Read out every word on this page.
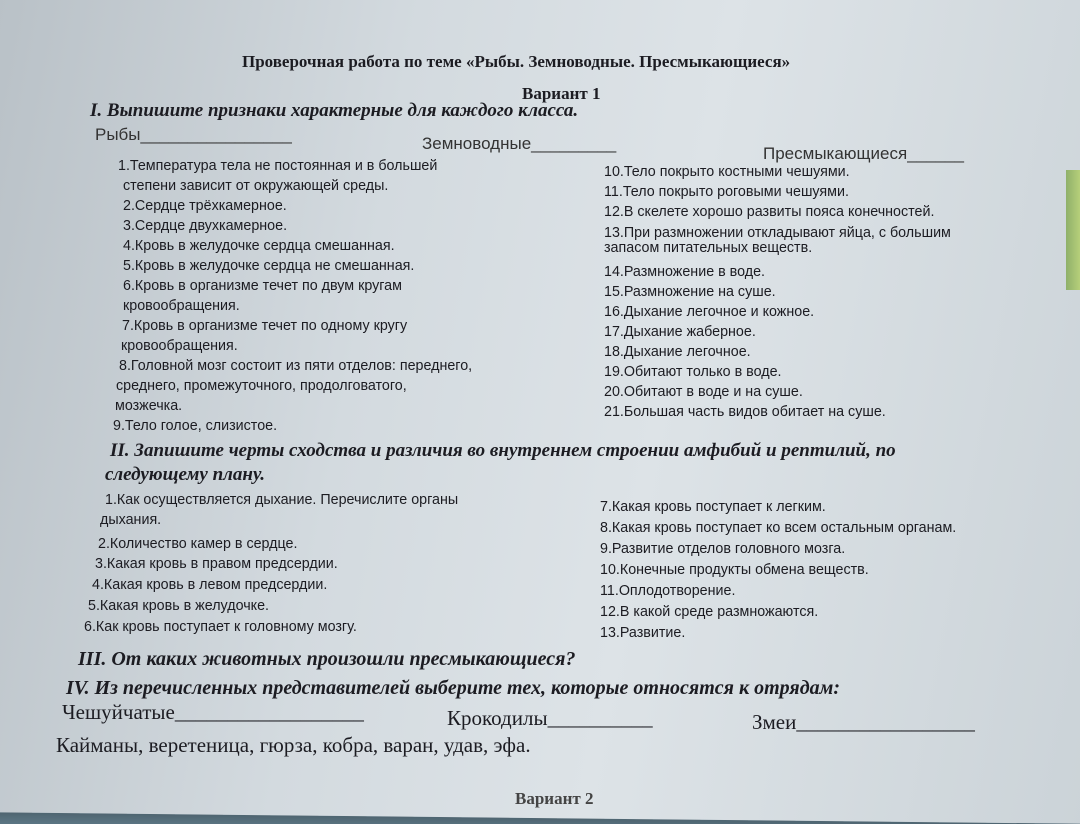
Проверочная работа по теме «Рыбы. Земноводные. Пресмыкающиеся»
Вариант 1
I. Выпишите признаки характерные для каждого класса.
Рыбы________________	Земноводные_________
Пресмыкающиеся______
1.Температура тела не постоянная и в большей
степени зависит от окружающей среды.
2.Сердце трёхкамерное.
3.Сердце двухкамерное.
4.Кровь в желудочке сердца смешанная.
5.Кровь в желудочке сердца не смешанная.
6.Кровь в организме течет по двум кругам
кровообращения.
7.Кровь в организме течет по одному кругу
кровообращения.
8.Головной мозг состоит из пяти отделов: переднего,
среднего, промежуточного, продолговатого,
мозжечка.
9.Тело голое, слизистое.
10.Тело покрыто костными чешуями.
11.Тело покрыто роговыми чешуями.
12.В скелете хорошо развиты пояса конечностей.
13.При размножении откладывают яйца, с большим
запасом питательных веществ.
14.Размножение в воде.
15.Размножение на суше.
16.Дыхание легочное и кожное.
17.Дыхание жаберное.
18.Дыхание легочное.
19.Обитают только в воде.
20.Обитают в воде и на суше.
21.Большая часть видов обитает на суше.
II. Запишите черты сходства и различия во внутреннем строении амфибий и рептилий, по
следующему плану.
1.Как осуществляется дыхание. Перечислите органы
дыхания.
2.Количество камер в сердце.
3.Какая кровь в правом предсердии.
4.Какая кровь в левом предсердии.
5.Какая кровь в желудочке.
6.Как кровь поступает к головному мозгу.
7.Какая кровь поступает к легким.
8.Какая кровь поступает ко всем остальным органам.
9.Развитие отделов головного мозга.
10.Конечные продукты обмена веществ.
11.Оплодотворение.
12.В какой среде размножаются.
13.Развитие.
III. От каких животных произошли пресмыкающиеся?
IV. Из перечисленных представителей выберите тех, которые относятся к отрядам:
Чешуйчатые__________________	Крокодилы__________	Змеи_________________
Кайманы, веретеница, гюрза, кобра, варан, удав, эфа.
Вариант 2
